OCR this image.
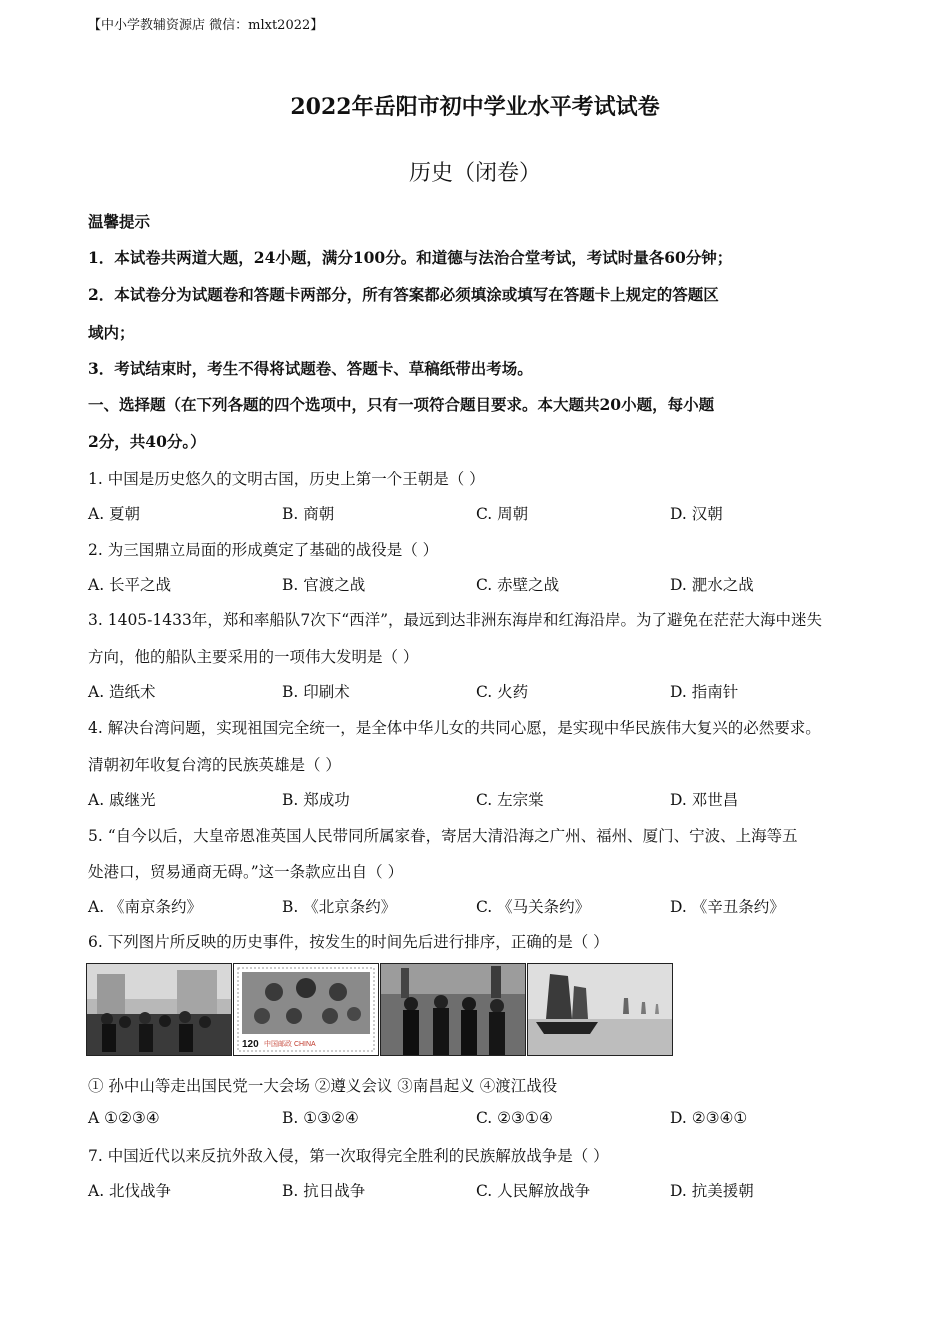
【中小学教辅资源店 微信：mlxt2022】
2022年岳阳市初中学业水平考试试卷
历史（闭卷）
温馨提示
1．本试卷共两道大题，24小题，满分100分。和道德与法治合堂考试，考试时量各60分钟；
2．本试卷分为试题卷和答题卡两部分，所有答案都必须填涂或填写在答题卡上规定的答题区
域内；
3．考试结束时，考生不得将试题卷、答题卡、草稿纸带出考场。
一、选择题（在下列各题的四个选项中，只有一项符合题目要求。本大题共20小题，每小题
2分，共40分。）
1. 中国是历史悠久的文明古国，历史上第一个王朝是（ ）
A. 夏朝	B. 商朝	C. 周朝	D. 汉朝
2. 为三国鼎立局面的形成奠定了基础的战役是（ ）
A. 长平之战	B. 官渡之战	C. 赤壁之战	D. 淝水之战
3. 1405-1433年，郑和率船队7次下“西洋”，最远到达非洲东海岸和红海沿岸。为了避免在茫茫大海中迷失
方向，他的船队主要采用的一项伟大发明是（ ）
A. 造纸术	B. 印刷术	C. 火药	D. 指南针
4. 解决台湾问题，实现祖国完全统一，是全体中华儿女的共同心愿，是实现中华民族伟大复兴的必然要求。
清朝初年收复台湾的民族英雄是（ ）
A. 戚继光	B. 郑成功	C. 左宗棠	D. 邓世昌
5. “自今以后，大皇帝恩准英国人民带同所属家眷，寄居大清沿海之广州、福州、厦门、宁波、上海等五
处港口，贸易通商无碍。”这一条款应出自（ ）
A. 《南京条约》	B. 《北京条约》	C. 《马关条约》	D. 《辛丑条约》
6. 下列图片所反映的历史事件，按发生的时间先后进行排序，正确的是（ ）
120 中国邮政 CHINA
① 孙中山等走出国民党一大会场 ②遵义会议 ③南昌起义 ④渡江战役
A ①②③④	B. ①③②④	C. ②③①④	D. ②③④①
7. 中国近代以来反抗外敌入侵，第一次取得完全胜利的民族解放战争是（ ）
A. 北伐战争	B. 抗日战争	C. 人民解放战争	D. 抗美援朝
